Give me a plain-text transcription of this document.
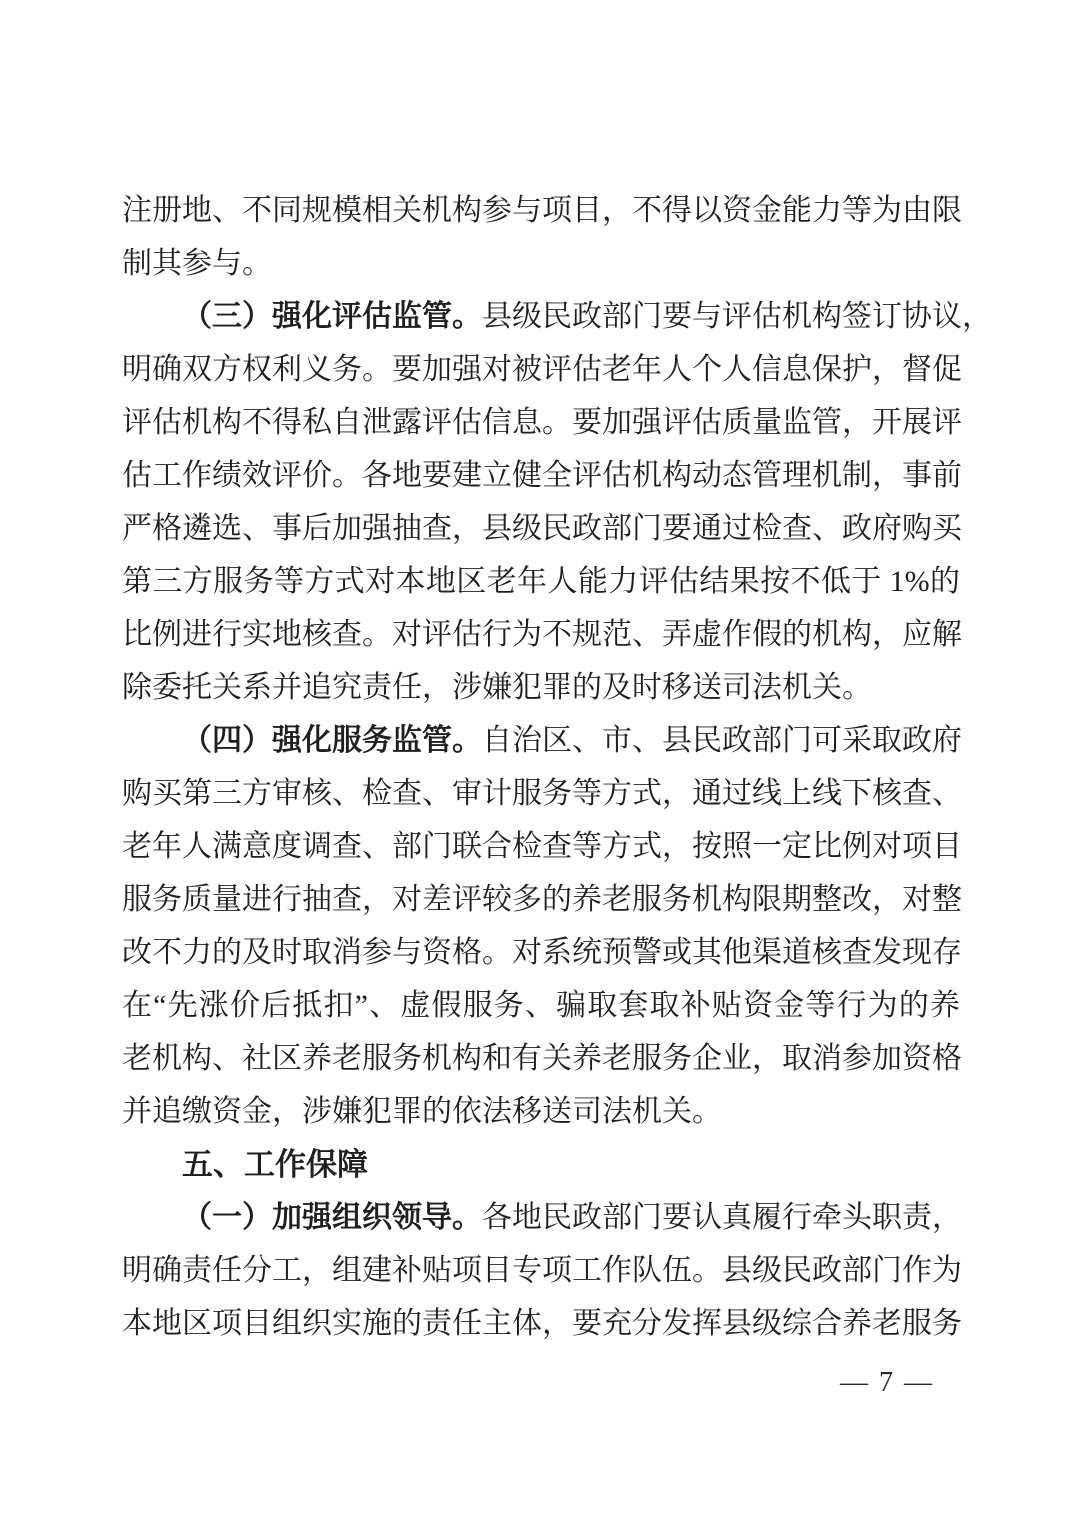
注册地、不同规模相关机构参与项目，不得以资金能力等为由限
制其参与。
（三）强化评估监管。县级民政部门要与评估机构签订协议，
明确双方权利义务。要加强对被评估老年人个人信息保护，督促
评估机构不得私自泄露评估信息。要加强评估质量监管，开展评
估工作绩效评价。各地要建立健全评估机构动态管理机制，事前
严格遴选、事后加强抽查，县级民政部门要通过检查、政府购买
第三方服务等方式对本地区老年人能力评估结果按不低于 1%的
比例进行实地核查。对评估行为不规范、弄虚作假的机构，应解
除委托关系并追究责任，涉嫌犯罪的及时移送司法机关。
（四）强化服务监管。自治区、市、县民政部门可采取政府
购买第三方审核、检查、审计服务等方式，通过线上线下核查、
老年人满意度调查、部门联合检查等方式，按照一定比例对项目
服务质量进行抽查，对差评较多的养老服务机构限期整改，对整
改不力的及时取消参与资格。对系统预警或其他渠道核查发现存
在“先涨价后抵扣”、虚假服务、骗取套取补贴资金等行为的养
老机构、社区养老服务机构和有关养老服务企业，取消参加资格
并追缴资金，涉嫌犯罪的依法移送司法机关。
五、工作保障
（一）加强组织领导。各地民政部门要认真履行牵头职责，
明确责任分工，组建补贴项目专项工作队伍。县级民政部门作为
本地区项目组织实施的责任主体，要充分发挥县级综合养老服务
— 7 —
